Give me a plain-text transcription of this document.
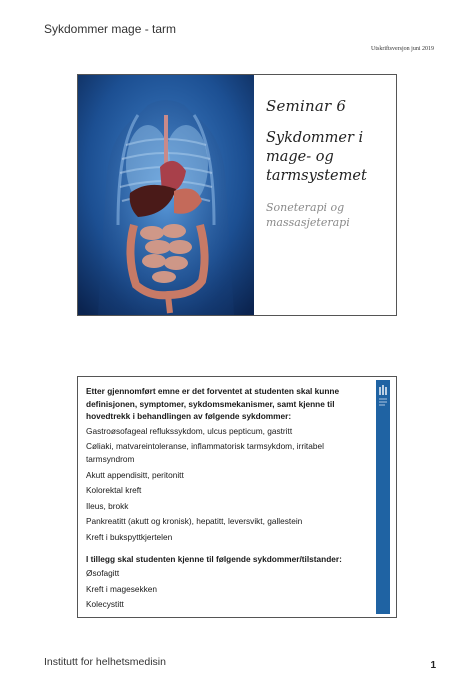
Sykdommer mage - tarm
Utskriftsversjon juni 2019
Seminar 6
Sykdommer i mage- og tarmsystemet
Soneterapi og massasjeterapi

Etter gjennomført emne er det forventet at studenten skal kunne definisjonen, symptomer, sykdomsmekanismer, samt kjenne til hovedtrekk i behandlingen av følgende sykdommer:

Gastroøsofageal reflukssykdom, ulcus pepticum, gastritt

Cøliaki, matvareintoleranse, inflammatorisk tarmsykdom, irritabel tarmsyndrom

Akutt appendisitt, peritonitt

Kolorektal kreft

Ileus, brokk

Pankreatitt (akutt og kronisk), hepatitt, leversvikt, gallestein

Kreft i bukspyttkjertelen

I tillegg skal studenten kjenne til følgende sykdommer/tilstander:

Øsofagitt

Kreft i magesekken

Kolecystitt

Institutt for helhetsmedisin	1
